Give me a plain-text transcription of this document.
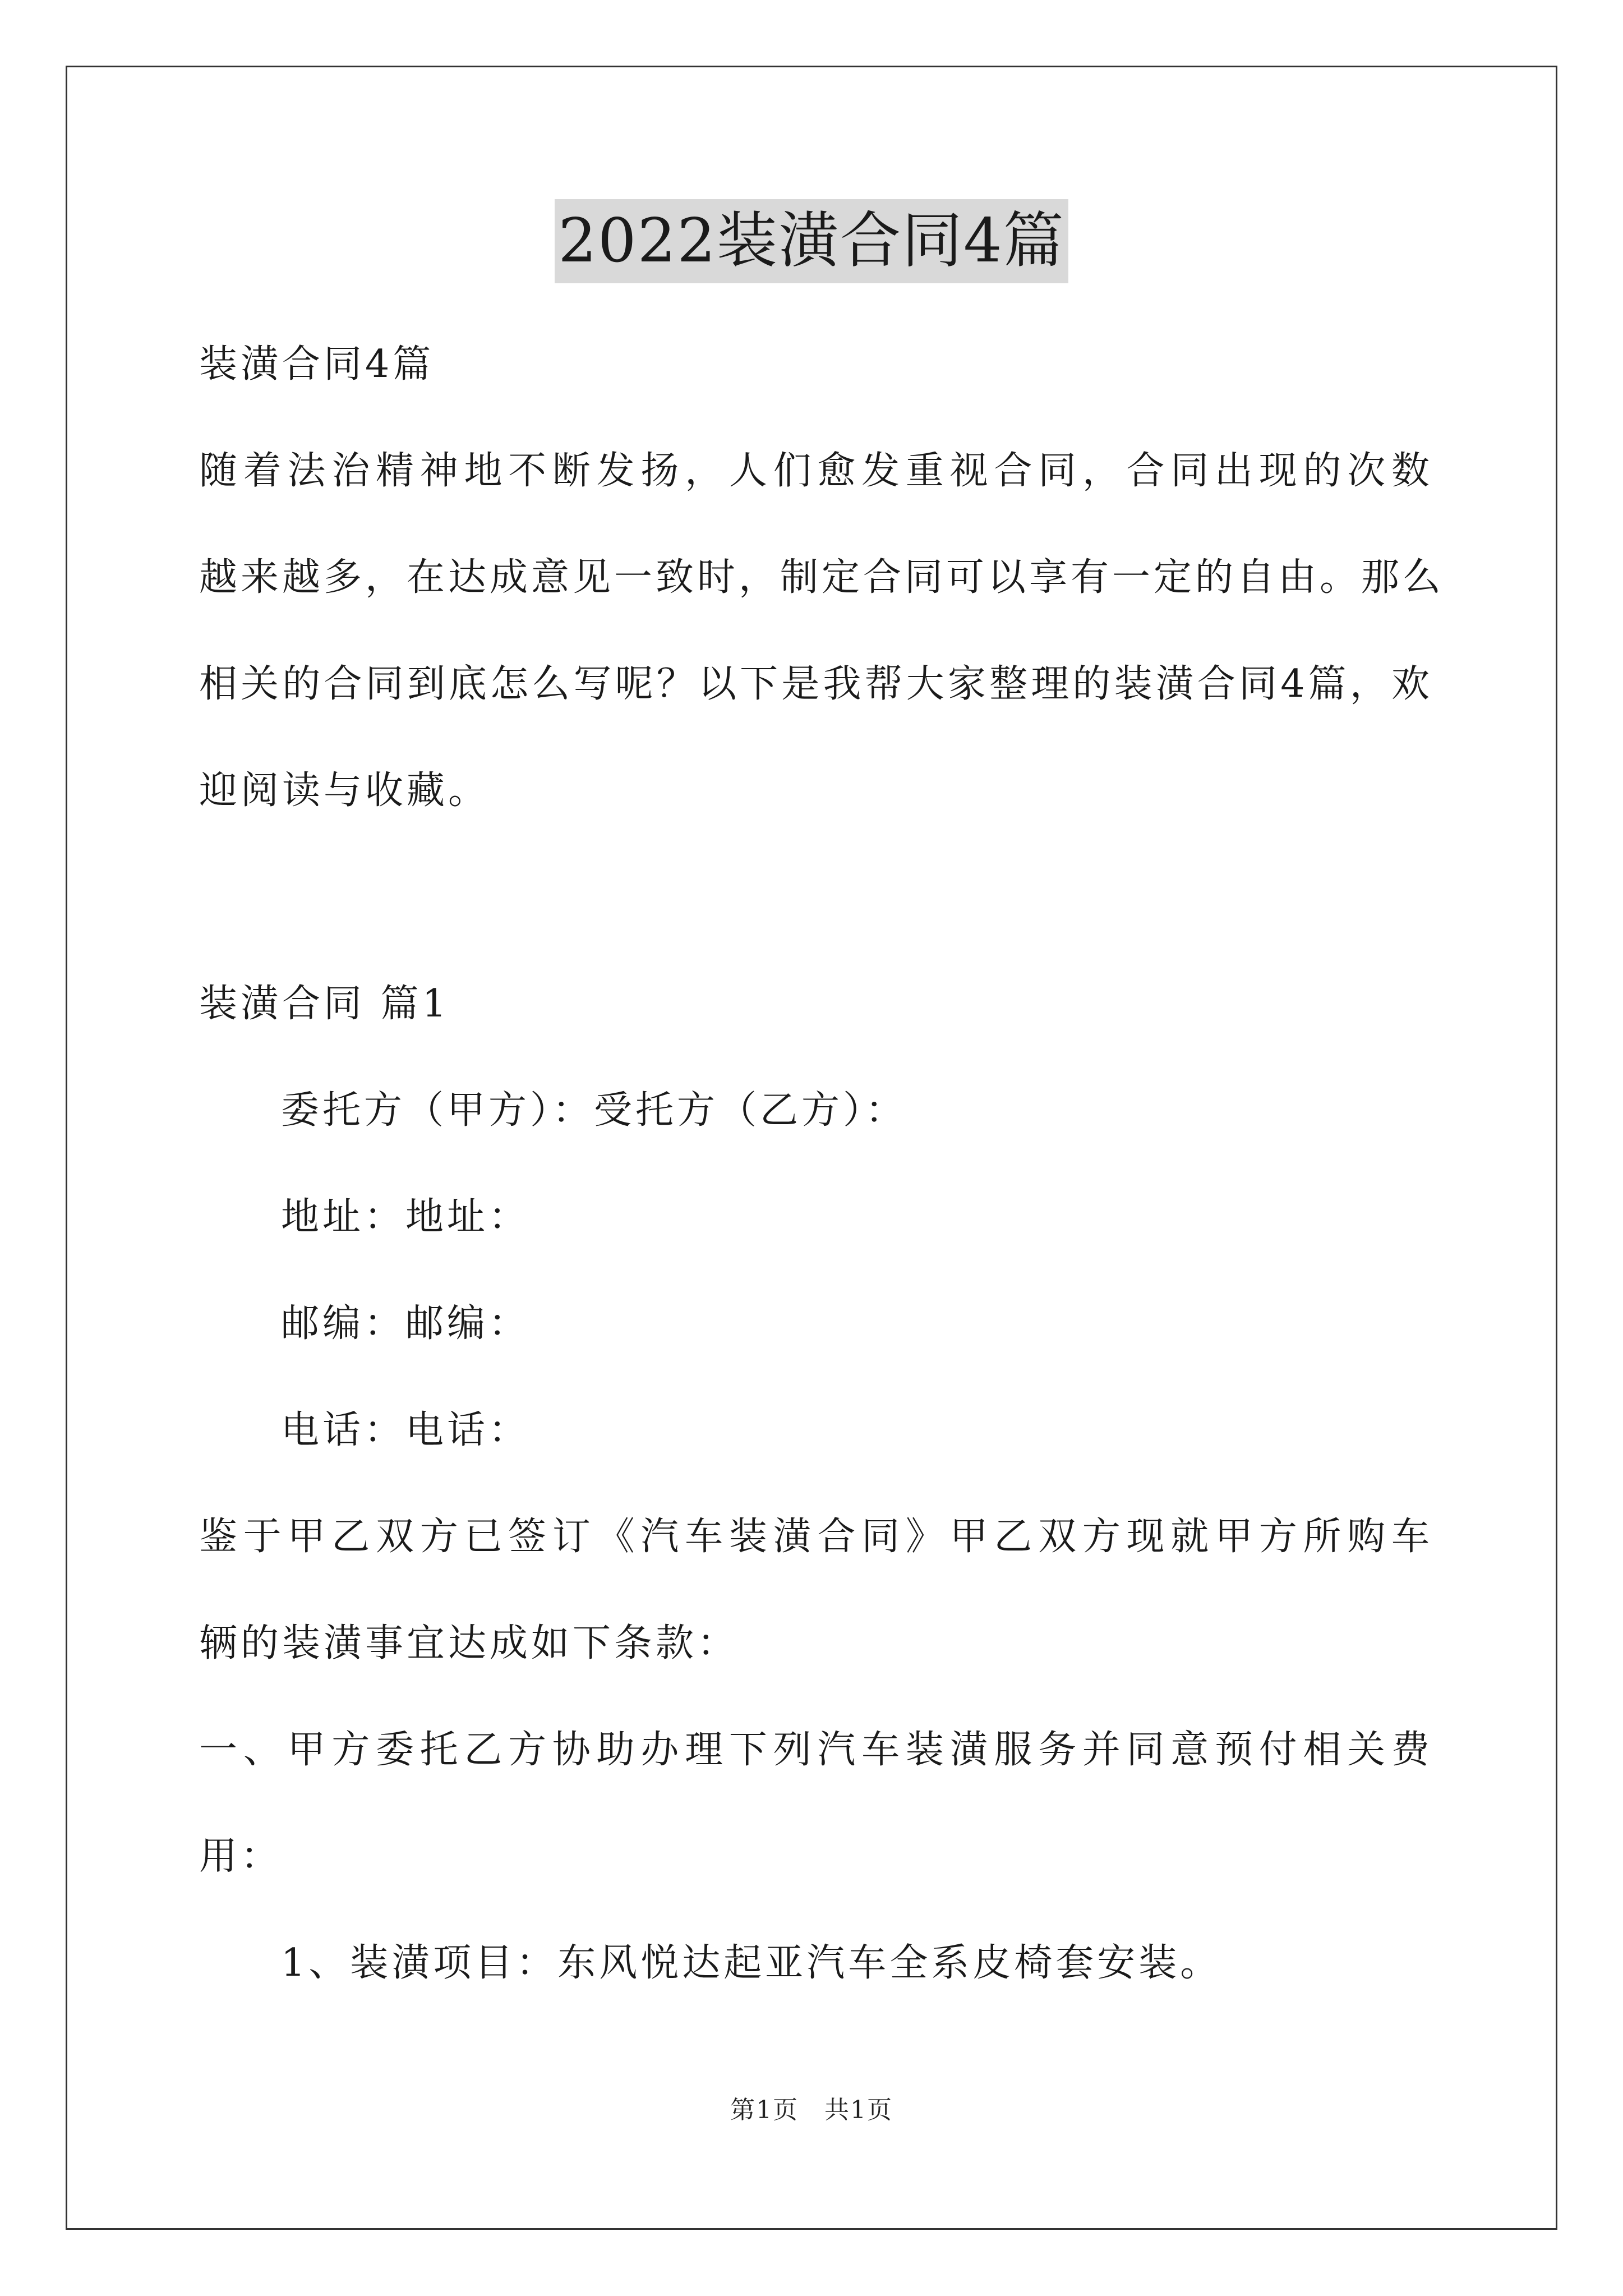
2022装潢合同4篇
装潢合同4篇
随着法治精神地不断发扬，人们愈发重视合同，合同出现的次数
越来越多，在达成意见一致时，制定合同可以享有一定的自由。那么
相关的合同到底怎么写呢？以下是我帮大家整理的装潢合同4篇，欢
迎阅读与收藏。
装潢合同 篇1
委托方（甲方）：受托方（乙方）：
地址：地址：
邮编：邮编：
电话：电话：
鉴于甲乙双方已签订《汽车装潢合同》甲乙双方现就甲方所购车
辆的装潢事宜达成如下条款：
一、甲方委托乙方协助办理下列汽车装潢服务并同意预付相关费
用：
1、装潢项目：东风悦达起亚汽车全系皮椅套安装。
第1页　共1页
